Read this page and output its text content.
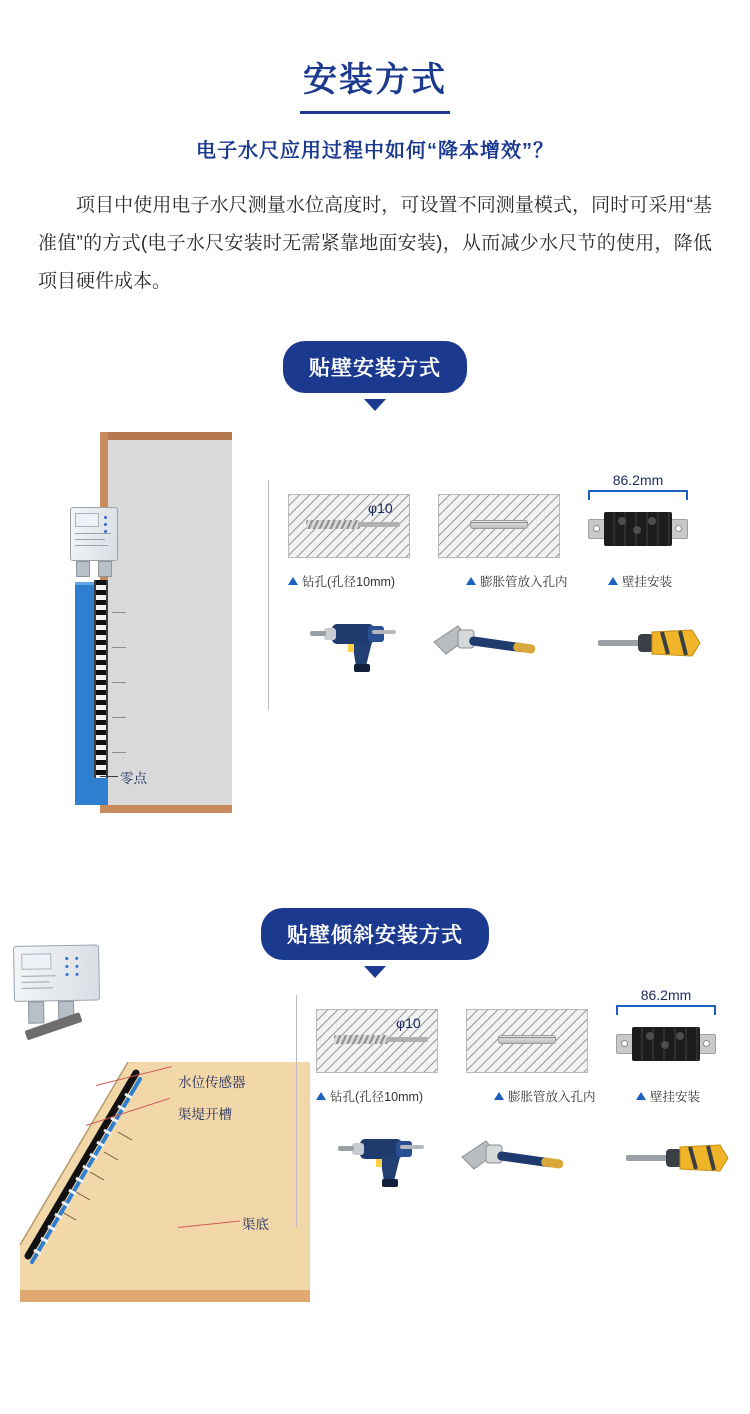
安装方式
电子水尺应用过程中如何“降本增效”？
项目中使用电子水尺测量水位高度时，可设置不同测量模式，同时可采用“基准值”的方式(电子水尺安装时无需紧靠地面安装)，从而减少水尺节的使用，降低项目硬件成本。
贴壁安装方式
零点
φ10
钻孔(孔径10mm)	膨胀管放入孔内
86.2mm
壁挂安装
贴壁倾斜安装方式
水位传感器
渠堤开槽
渠底
φ10
钻孔(孔径10mm)	膨胀管放入孔内
86.2mm
壁挂安装
